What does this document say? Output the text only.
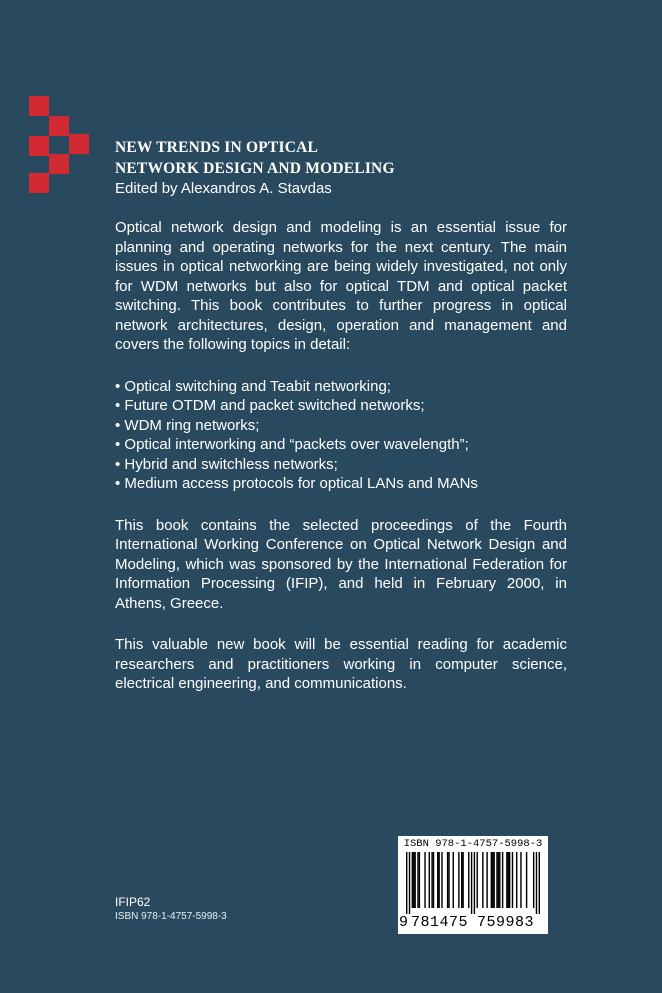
NEW TRENDS IN OPTICAL
NETWORK DESIGN AND MODELING
Edited by Alexandros A. Stavdas

Optical network design and modeling is an essential issue for planning and operating networks for the next century. The main issues in optical networking are being widely investigated, not only for WDM networks but also for optical TDM and optical packet switching. This book contributes to further progress in optical network architectures, design, operation and management and covers the following topics in detail:

• Optical switching and Teabit networking;
• Future OTDM and packet switched networks;
• WDM ring networks;
• Optical interworking and “packets over wavelength”;
• Hybrid and switchless networks;
• Medium access protocols for optical LANs and MANs

This book contains the selected proceedings of the Fourth International Working Conference on Optical Network Design and Modeling, which was sponsored by the International Federation for Information Processing (IFIP), and held in February 2000, in Athens, Greece.

This valuable new book will be essential reading for academic researchers and practitioners working in computer science, electrical engineering, and communications.

IFIP62
ISBN 978-1-4757-5998-3
ISBN 978-1-4757-5998-3
9 781475 759983
